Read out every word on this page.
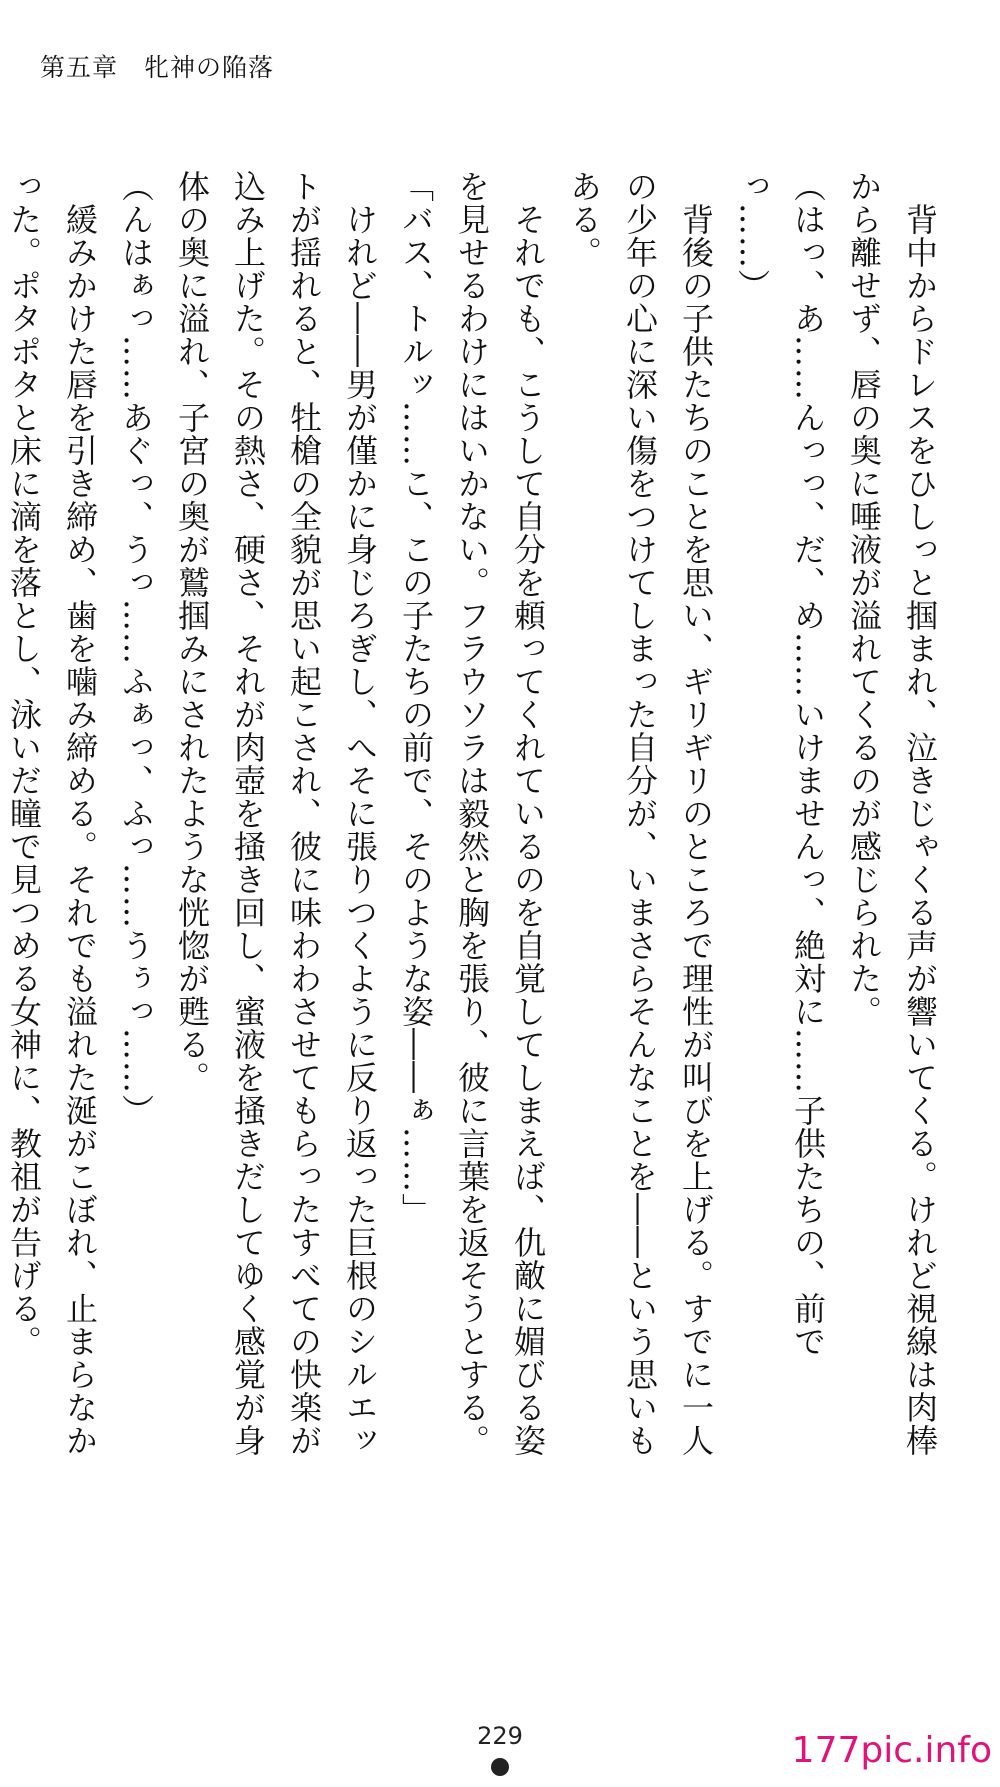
第五章　牝神の陥落

　背中からドレスをひしっと掴まれ、泣きじゃくる声が響いてくる。けれど視線は肉棒から離せず、唇の奥に唾液が溢れてくるのが感じられた。

（はっ、あ……んっっ、だ、め……いけませんっ、絶対に……子供たちの、前でっ……）

　背後の子供たちのことを思い、ギリギリのところで理性が叫びを上げる。すでに一人の少年の心に深い傷をつけてしまった自分が、いまさらそんなことを――という思いもある。

　それでも、こうして自分を頼ってくれているのを自覚してしまえば、仇敵に媚びる姿を見せるわけにはいかない。フラウソラは毅然と胸を張り、彼に言葉を返そうとする。

「バス、トルッ……こ、この子たちの前で、そのような姿――ぁ……」

　けれど――男が僅かに身じろぎし、へそに張りつくように反り返った巨根のシルエットが揺れると、牡槍の全貌が思い起こされ、彼に味わわさせてもらったすべての快楽が込み上げた。その熱さ、硬さ、それが肉壺を掻き回し、蜜液を掻きだしてゆく感覚が身体の奥に溢れ、子宮の奥が鷲掴みにされたような恍惚が甦る。

（んはぁっ……あぐっ、うっ……ふぁっ、ふっ……うぅっ……）

　緩みかけた唇を引き締め、歯を噛み締める。それでも溢れた涎がこぼれ、止まらなかった。ポタポタと床に滴を落とし、泳いだ瞳で見つめる女神に、教祖が告げる。

229	177pic.info
